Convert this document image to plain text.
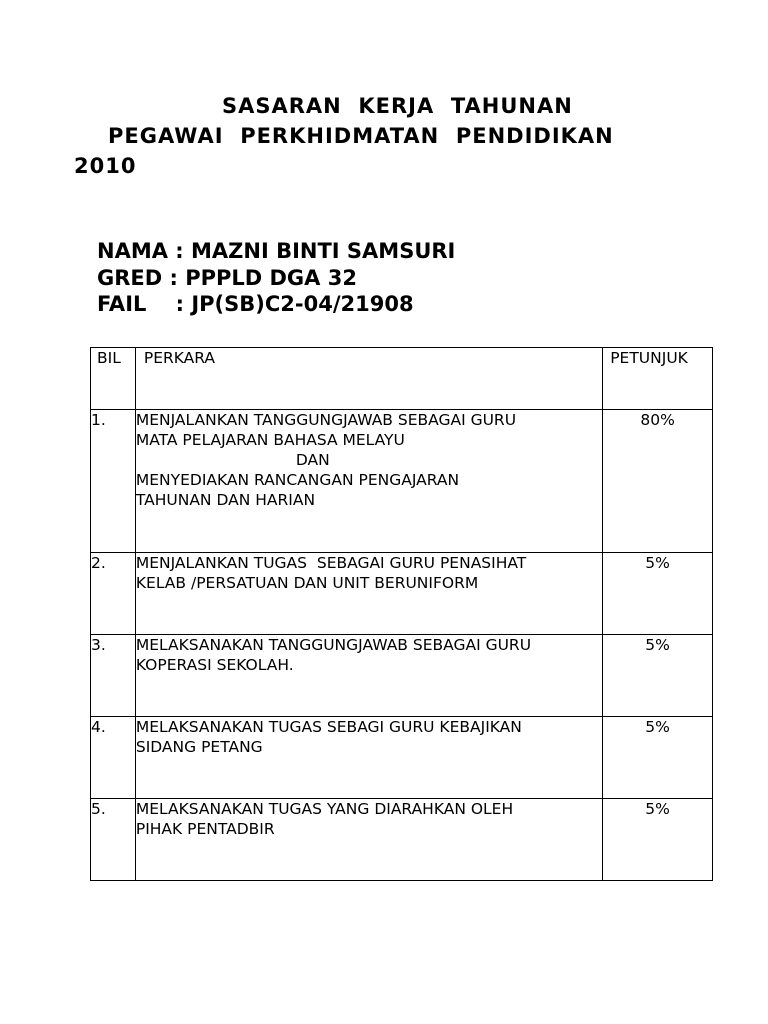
SASARAN  KERJA  TAHUNAN
PEGAWAI  PERKHIDMATAN  PENDIDIKAN
2010
NAMA : MAZNI BINTI SAMSURI
GRED : PPPLD DGA 32
FAIL    : JP(SB)C2-04/21908
BIL	PERKARA	PETUNJUK
1.	MENJALANKAN TANGGUNGJAWAB SEBAGAI GURU
MATA PELAJARAN BAHASA MELAYU
DAN
MENYEDIAKAN RANCANGAN PENGAJARAN
TAHUNAN DAN HARIAN	80%
2.	MENJALANKAN TUGAS  SEBAGAI GURU PENASIHAT
KELAB /PERSATUAN DAN UNIT BERUNIFORM	5%
3.	MELAKSANAKAN TANGGUNGJAWAB SEBAGAI GURU
KOPERASI SEKOLAH.	5%
4.	MELAKSANAKAN TUGAS SEBAGI GURU KEBAJIKAN
SIDANG PETANG	5%
5.	MELAKSANAKAN TUGAS YANG DIARAHKAN OLEH
PIHAK PENTADBIR	5%
